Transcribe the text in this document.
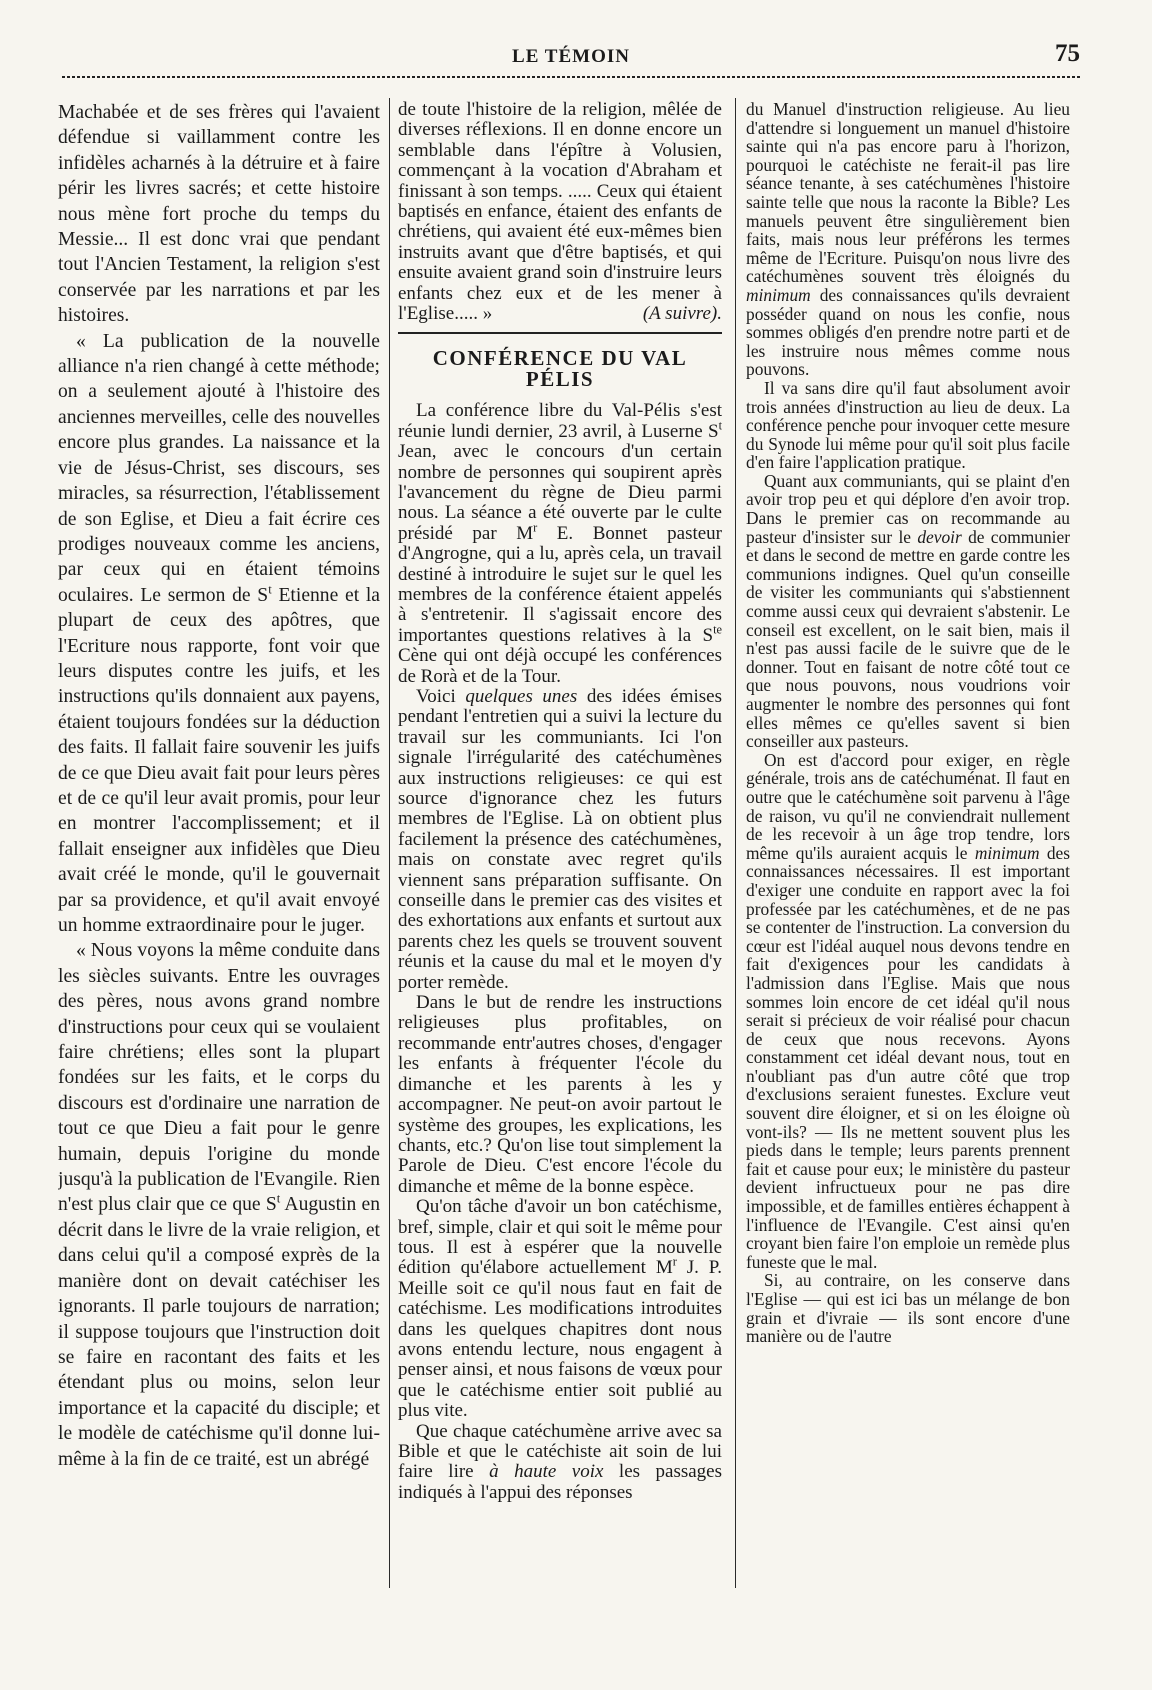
LE TÉMOIN	75

Machabée et de ses frères qui l'avaient défendue si vaillamment contre les infidèles acharnés à la détruire et à faire périr les livres sacrés; et cette histoire nous mène fort proche du temps du Messie... Il est donc vrai que pendant tout l'Ancien Testament, la religion s'est conservée par les narrations et par les histoires.

« La publication de la nouvelle alliance n'a rien changé à cette méthode; on a seulement ajouté à l'histoire des anciennes merveilles, celle des nouvelles encore plus grandes. La naissance et la vie de Jésus-Christ, ses discours, ses miracles, sa résurrection, l'établissement de son Eglise, et Dieu a fait écrire ces prodiges nouveaux comme les anciens, par ceux qui en étaient témoins oculaires. Le sermon de $S^t$ Etienne et la plupart de ceux des apôtres, que l'Ecriture nous rapporte, font voir que leurs disputes contre les juifs, et les instructions qu'ils donnaient aux payens, étaient toujours fondées sur la déduction des faits. Il fallait faire souvenir les juifs de ce que Dieu avait fait pour leurs pères et de ce qu'il leur avait promis, pour leur en montrer l'accomplissement; et il fallait enseigner aux infidèles que Dieu avait créé le monde, qu'il le gouvernait par sa providence, et qu'il avait envoyé un homme extraordinaire pour le juger.

« Nous voyons la même conduite dans les siècles suivants. Entre les ouvrages des pères, nous avons grand nombre d'instructions pour ceux qui se voulaient faire chrétiens; elles sont la plupart fondées sur les faits, et le corps du discours est d'ordinaire une narration de tout ce que Dieu a fait pour le genre humain, depuis l'origine du monde jusqu'à la publication de l'Evangile. Rien n'est plus clair que ce que $S^t$ Augustin en décrit dans le livre de la vraie religion, et dans celui qu'il a composé exprès de la manière dont on devait catéchiser les ignorants. Il parle toujours de narration; il suppose toujours que l'instruction doit se faire en racontant des faits et les étendant plus ou moins, selon leur importance et la capacité du disciple; et le modèle de catéchisme qu'il donne lui-même à la fin de ce traité, est un abrégé

de toute l'histoire de la religion, mêlée de diverses réflexions. Il en donne encore un semblable dans l'épître à Volusien, commençant à la vocation d'Abraham et finissant à son temps. ..... Ceux qui étaient baptisés en enfance, étaient des enfants de chrétiens, qui avaient été eux-mêmes bien instruits avant que d'être baptisés, et qui ensuite avaient grand soin d'instruire leurs enfants chez eux et de les mener à l'Eglise..... »	(A suivre).

CONFÉRENCE DU VAL PÉLIS

La conférence libre du Val-Pélis s'est réunie lundi dernier, 23 avril, à Luserne $S^t$ Jean, avec le concours d'un certain nombre de personnes qui soupirent après l'avancement du règne de Dieu parmi nous. La séance a été ouverte par le culte présidé par $M^r$ E. Bonnet pasteur d'Angrogne, qui a lu, après cela, un travail destiné à introduire le sujet sur le quel les membres de la conférence étaient appelés à s'entretenir. Il s'agissait encore des importantes questions relatives à la $S^{te}$ Cène qui ont déjà occupé les conférences de Rorà et de la Tour.

Voici quelques unes des idées émises pendant l'entretien qui a suivi la lecture du travail sur les communiants. Ici l'on signale l'irrégularité des catéchumènes aux instructions religieuses: ce qui est source d'ignorance chez les futurs membres de l'Eglise. Là on obtient plus facilement la présence des catéchumènes, mais on constate avec regret qu'ils viennent sans préparation suffisante. On conseille dans le premier cas des visites et des exhortations aux enfants et surtout aux parents chez les quels se trouvent souvent réunis et la cause du mal et le moyen d'y porter remède.

Dans le but de rendre les instructions religieuses plus profitables, on recommande entr'autres choses, d'engager les enfants à fréquenter l'école du dimanche et les parents à les y accompagner. Ne peut-on avoir partout le système des groupes, les explications, les chants, etc.? Qu'on lise tout simplement la Parole de Dieu. C'est encore l'école du dimanche et même de la bonne espèce.

Qu'on tâche d'avoir un bon catéchisme, bref, simple, clair et qui soit le même pour tous. Il est à espérer que la nouvelle édition qu'élabore actuellement $M^r$ J. P. Meille soit ce qu'il nous faut en fait de catéchisme. Les modifications introduites dans les quelques chapitres dont nous avons entendu lecture, nous engagent à penser ainsi, et nous faisons de vœux pour que le catéchisme entier soit publié au plus vite.

Que chaque catéchumène arrive avec sa Bible et que le catéchiste ait soin de lui faire lire à haute voix les passages indiqués à l'appui des réponses

du Manuel d'instruction religieuse. Au lieu d'attendre si longuement un manuel d'histoire sainte qui n'a pas encore paru à l'horizon, pourquoi le catéchiste ne ferait-il pas lire séance tenante, à ses catéchumènes l'histoire sainte telle que nous la raconte la Bible? Les manuels peuvent être singulièrement bien faits, mais nous leur préférons les termes même de l'Ecriture. Puisqu'on nous livre des catéchumènes souvent très éloignés du minimum des connaissances qu'ils devraient posséder quand on nous les confie, nous sommes obligés d'en prendre notre parti et de les instruire nous mêmes comme nous pouvons.

Il va sans dire qu'il faut absolument avoir trois années d'instruction au lieu de deux. La conférence penche pour invoquer cette mesure du Synode lui même pour qu'il soit plus facile d'en faire l'application pratique.

Quant aux communiants, qui se plaint d'en avoir trop peu et qui déplore d'en avoir trop. Dans le premier cas on recommande au pasteur d'insister sur le devoir de communier et dans le second de mettre en garde contre les communions indignes. Quel qu'un conseille de visiter les communiants qui s'abstiennent comme aussi ceux qui devraient s'abstenir. Le conseil est excellent, on le sait bien, mais il n'est pas aussi facile de le suivre que de le donner. Tout en faisant de notre côté tout ce que nous pouvons, nous voudrions voir augmenter le nombre des personnes qui font elles mêmes ce qu'elles savent si bien conseiller aux pasteurs.

On est d'accord pour exiger, en règle générale, trois ans de catéchuménat. Il faut en outre que le catéchumène soit parvenu à l'âge de raison, vu qu'il ne conviendrait nullement de les recevoir à un âge trop tendre, lors même qu'ils auraient acquis le minimum des connaissances nécessaires. Il est important d'exiger une conduite en rapport avec la foi professée par les catéchumènes, et de ne pas se contenter de l'instruction. La conversion du cœur est l'idéal auquel nous devons tendre en fait d'exigences pour les candidats à l'admission dans l'Eglise. Mais que nous sommes loin encore de cet idéal qu'il nous serait si précieux de voir réalisé pour chacun de ceux que nous recevons. Ayons constamment cet idéal devant nous, tout en n'oubliant pas d'un autre côté que trop d'exclusions seraient funestes. Exclure veut souvent dire éloigner, et si on les éloigne où vont-ils? — Ils ne mettent souvent plus les pieds dans le temple; leurs parents prennent fait et cause pour eux; le ministère du pasteur devient infructueux pour ne pas dire impossible, et de familles entières échappent à l'influence de l'Evangile. C'est ainsi qu'en croyant bien faire l'on emploie un remède plus funeste que le mal.

Si, au contraire, on les conserve dans l'Eglise — qui est ici bas un mélange de bon grain et d'ivraie — ils sont encore d'une manière ou de l'autre
